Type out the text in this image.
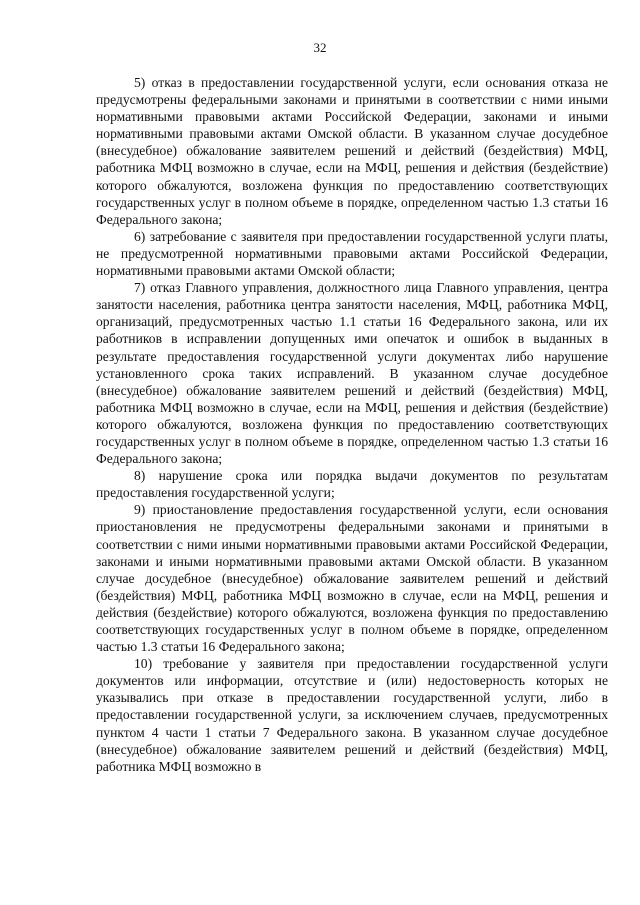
32

5) отказ в предоставлении государственной услуги, если основания отказа не предусмотрены федеральными законами и принятыми в соответствии с ними иными нормативными правовыми актами Российской Федерации, законами и иными нормативными правовыми актами Омской области. В указанном случае досудебное (внесудебное) обжалование заявителем решений и действий (бездействия) МФЦ, работника МФЦ возможно в случае, если на МФЦ, решения и действия (бездействие) которого обжалуются, возложена функция по предоставлению соответствующих государственных услуг в полном объеме в порядке, определенном частью 1.3 статьи 16 Федерального закона;

6) затребование с заявителя при предоставлении государственной услуги платы, не предусмотренной нормативными правовыми актами Российской Федерации, нормативными правовыми актами Омской области;

7) отказ Главного управления, должностного лица Главного управления, центра занятости населения, работника центра занятости населения, МФЦ, работника МФЦ, организаций, предусмотренных частью 1.1 статьи 16 Федерального закона, или их работников в исправлении допущенных ими опечаток и ошибок в выданных в результате предоставления государственной услуги документах либо нарушение установленного срока таких исправлений. В указанном случае досудебное (внесудебное) обжалование заявителем решений и действий (бездействия) МФЦ, работника МФЦ возможно в случае, если на МФЦ, решения и действия (бездействие) которого обжалуются, возложена функция по предоставлению соответствующих государственных услуг в полном объеме в порядке, определенном частью 1.3 статьи 16 Федерального закона;

8) нарушение срока или порядка выдачи документов по результатам предоставления государственной услуги;

9) приостановление предоставления государственной услуги, если основания приостановления не предусмотрены федеральными законами и принятыми в соответствии с ними иными нормативными правовыми актами Российской Федерации, законами и иными нормативными правовыми актами Омской области. В указанном случае досудебное (внесудебное) обжалование заявителем решений и действий (бездействия) МФЦ, работника МФЦ возможно в случае, если на МФЦ, решения и действия (бездействие) которого обжалуются, возложена функция по предоставлению соответствующих государственных услуг в полном объеме в порядке, определенном частью 1.3 статьи 16 Федерального закона;

10) требование у заявителя при предоставлении государственной услуги документов или информации, отсутствие и (или) недостоверность которых не указывались при отказе в предоставлении государственной услуги, либо в предоставлении государственной услуги, за исключением случаев, предусмотренных пунктом 4 части 1 статьи 7 Федерального закона. В указанном случае досудебное (внесудебное) обжалование заявителем решений и действий (бездействия) МФЦ, работника МФЦ возможно в
